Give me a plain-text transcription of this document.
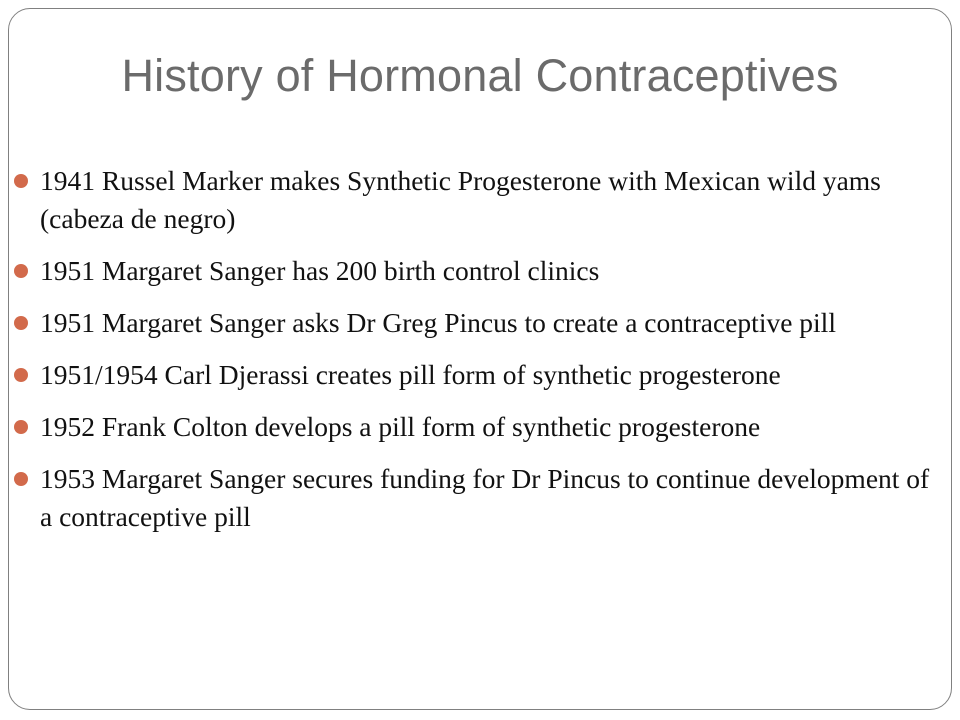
History of Hormonal Contraceptives
1941 Russel Marker makes Synthetic Progesterone with Mexican wild yams (cabeza de negro)
1951 Margaret Sanger has 200 birth control clinics
1951 Margaret Sanger asks Dr Greg Pincus to create a contraceptive pill
1951/1954 Carl Djerassi creates pill form of synthetic progesterone
1952 Frank Colton develops a pill form of synthetic progesterone
1953 Margaret Sanger secures funding for Dr Pincus to continue development of a contraceptive pill
